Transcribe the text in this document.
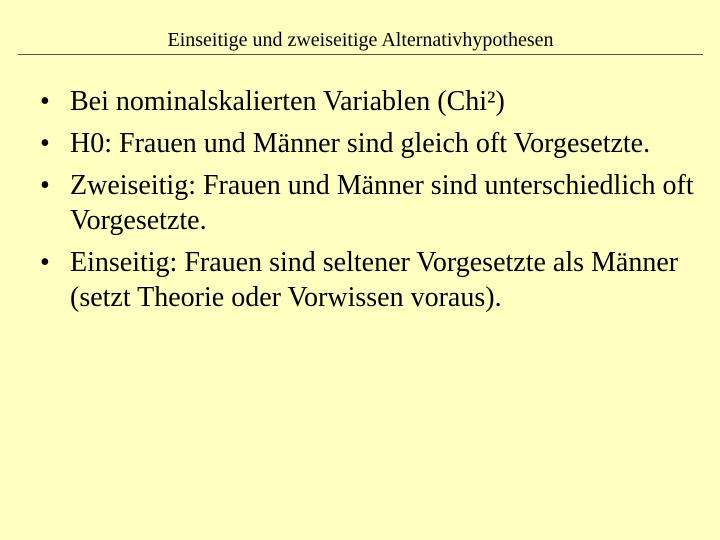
Einseitige und zweiseitige Alternativhypothesen
• Bei nominalskalierten Variablen (Chi²)
• H0: Frauen und Männer sind gleich oft Vorgesetzte.
• Zweiseitig: Frauen und Männer sind unterschiedlich oft Vorgesetzte.
• Einseitig: Frauen sind seltener Vorgesetzte als Männer (setzt Theorie oder Vorwissen voraus).
